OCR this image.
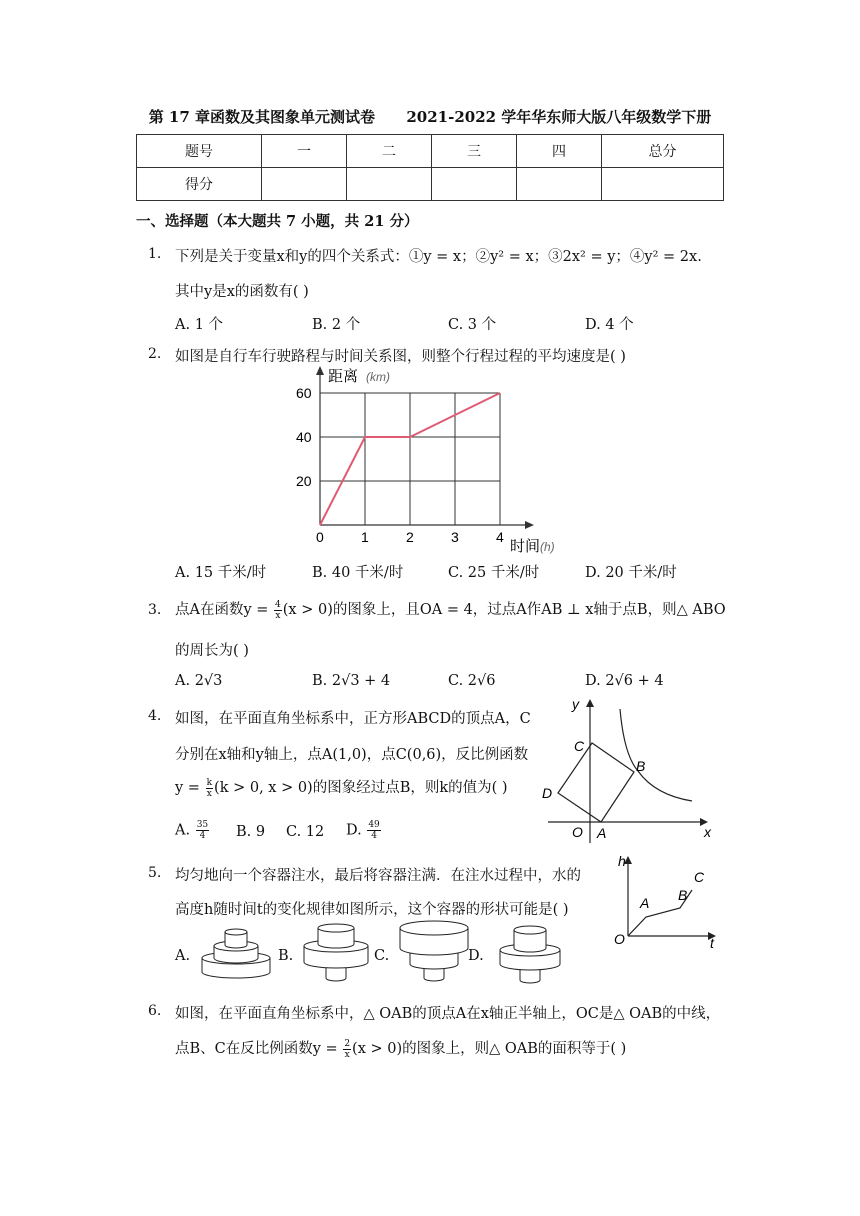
第 17 章函数及其图象单元测试卷      2021-2022 学年华东师大版八年级数学下册
题号	一	二	三	四	总分
得分					
一、选择题（本大题共 7 小题，共 21 分）
1. 下列是关于变量x和y的四个关系式：①y = x；②y² = x；③2x² = y；④y² = 2x.
其中y是x的函数有( )
A. 1 个	B. 2 个	C. 3 个	D. 4 个
2. 如图是自行车行驶路程与时间关系图，则整个行程过程的平均速度是( )
距离 (km)
时间 (h)
0	1	2	3	4
20
40
60
A. 15 千米/时	B. 40 千米/时	C. 25 千米/时	D. 20 千米/时
3. 点A在函数$y = \frac{4}{x} (x > 0)$的图象上，且OA = 4，过点A作AB ⊥ x轴于点B，则△ ABO
的周长为( )
A. 2√3	B. 2√3 + 4	C. 2√6	D. 2√6 + 4
4. 如图，在平面直角坐标系中，正方形ABCD的顶点A，C
分别在x轴和y轴上，点A(1,0)，点C(0,6)，反比例函数
$y = \frac{k}{x} (k > 0$, x > 0)的图象经过点B，则k的值为( )
A. $\frac{35}{4} B$. 9 C. 12 D. $\frac{49}{4}$
y
x
O A
B
C
D
5. 均匀地向一个容器注水，最后将容器注满．在注水过程中，水的
高度h随时间t的变化规律如图所示，这个容器的形状可能是( )
h
t
O
A B
C
A.	B.	C.	D.
6. 如图，在平面直角坐标系中，△ OAB的顶点A在x轴正半轴上，OC是△ OAB的中线，
点B、C在反比例函数$y = \frac{2}{x} (x > 0)$的图象上，则△ OAB的面积等于( )
